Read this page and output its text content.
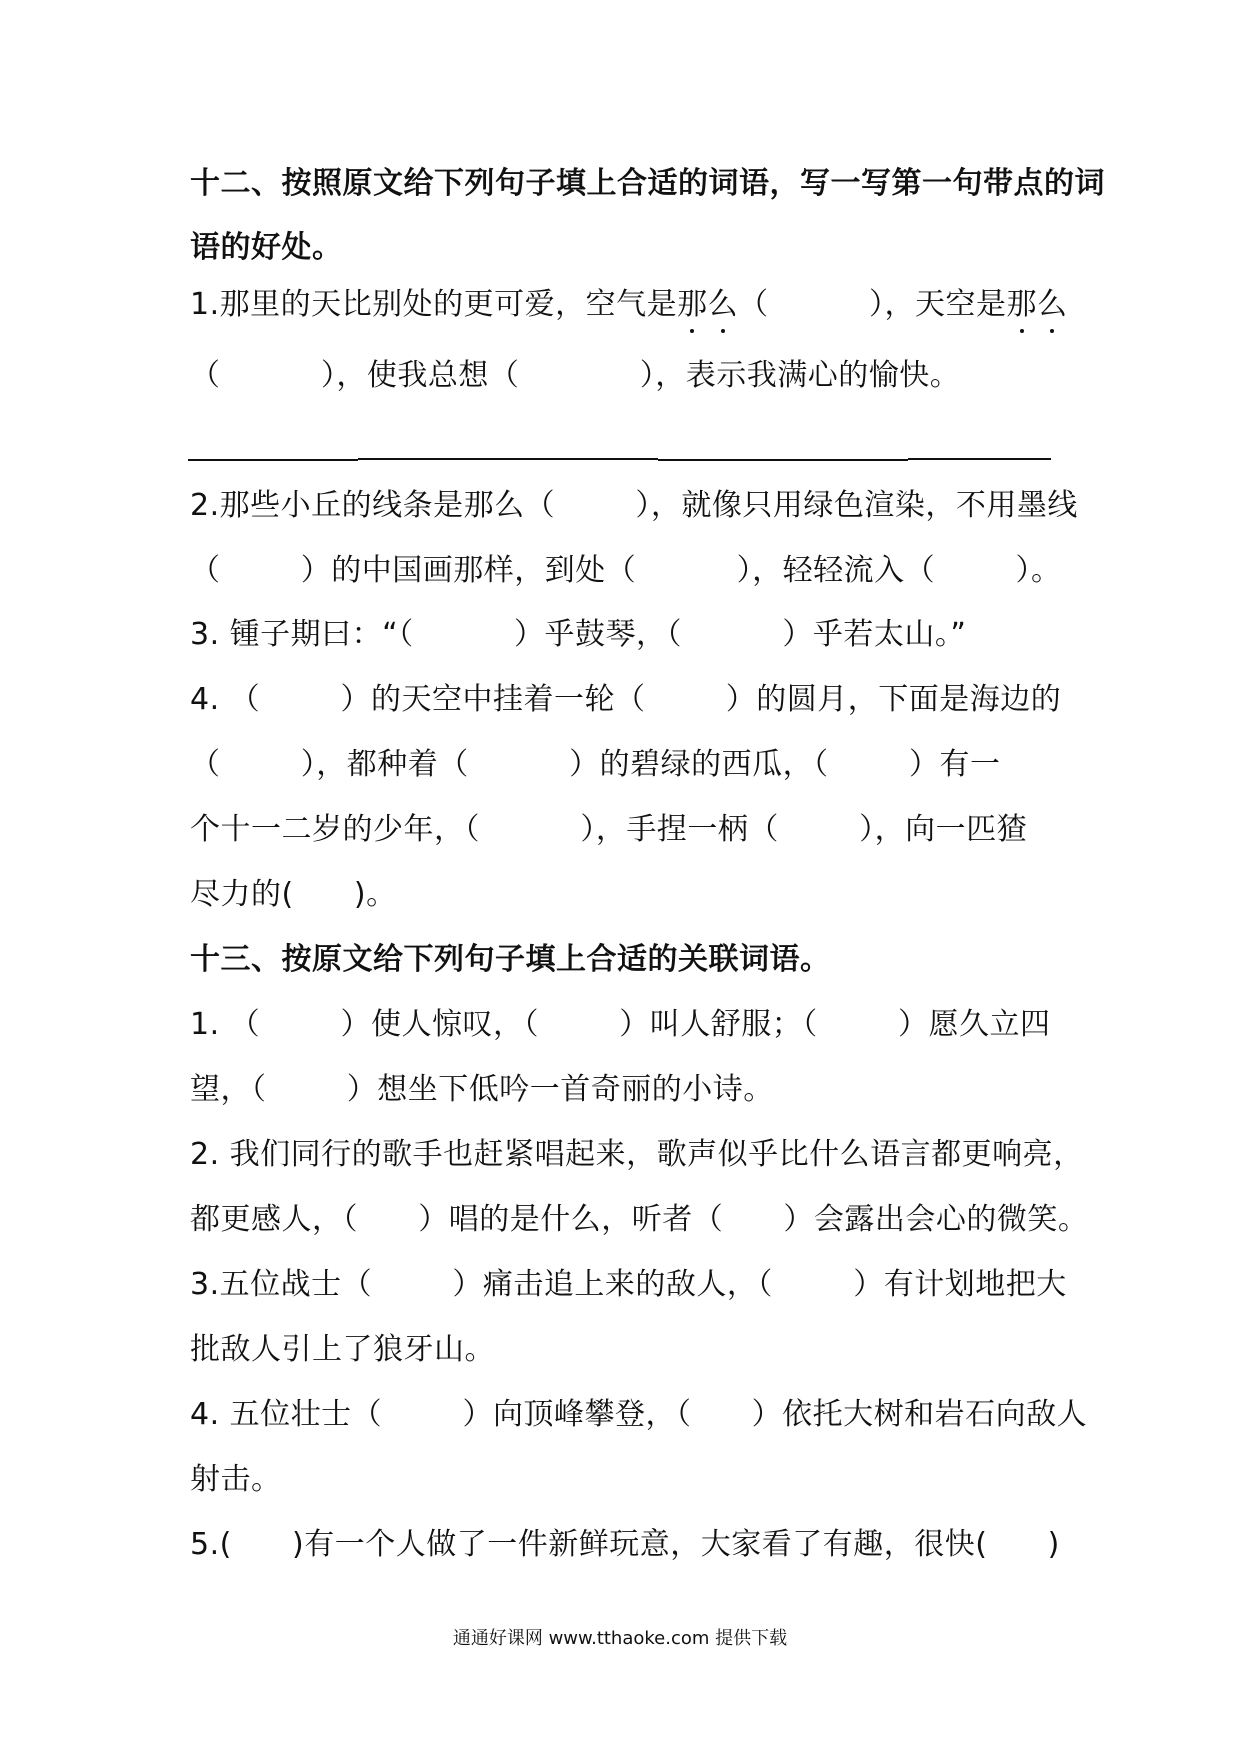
十二、按照原文给下列句子填上合适的词语，写一写第一句带点的词
语的好处。
1.那里的天比别处的更可爱，空气是那么（          ），天空是那么
（          ），使我总想（            ），表示我满心的愉快。
2.那些小丘的线条是那么（        ），就像只用绿色渲染，不用墨线
（        ）的中国画那样，到处（          ），轻轻流入（        ）。
3. 锺子期曰：“（          ）乎鼓琴，（          ）乎若太山。”
4. （        ）的天空中挂着一轮（        ）的圆月，下面是海边的
（        ），都种着（          ）的碧绿的西瓜，（        ）有一
个十一二岁的少年，（          ），手捏一柄（        ），向一匹猹
尽力的(      )。
十三、按原文给下列句子填上合适的关联词语。
1. （        ）使人惊叹，（        ）叫人舒服；（        ）愿久立四
望，（        ）想坐下低吟一首奇丽的小诗。
2. 我们同行的歌手也赶紧唱起来，歌声似乎比什么语言都更响亮，
都更感人，（      ）唱的是什么，听者（      ）会露出会心的微笑。
3.五位战士（        ）痛击追上来的敌人，（        ）有计划地把大
批敌人引上了狼牙山。
4. 五位壮士（        ）向顶峰攀登，（      ）依托大树和岩石向敌人
射击。
5.(      )有一个人做了一件新鲜玩意，大家看了有趣，很快(      )
通通好课网 www.tthaoke.com 提供下载
